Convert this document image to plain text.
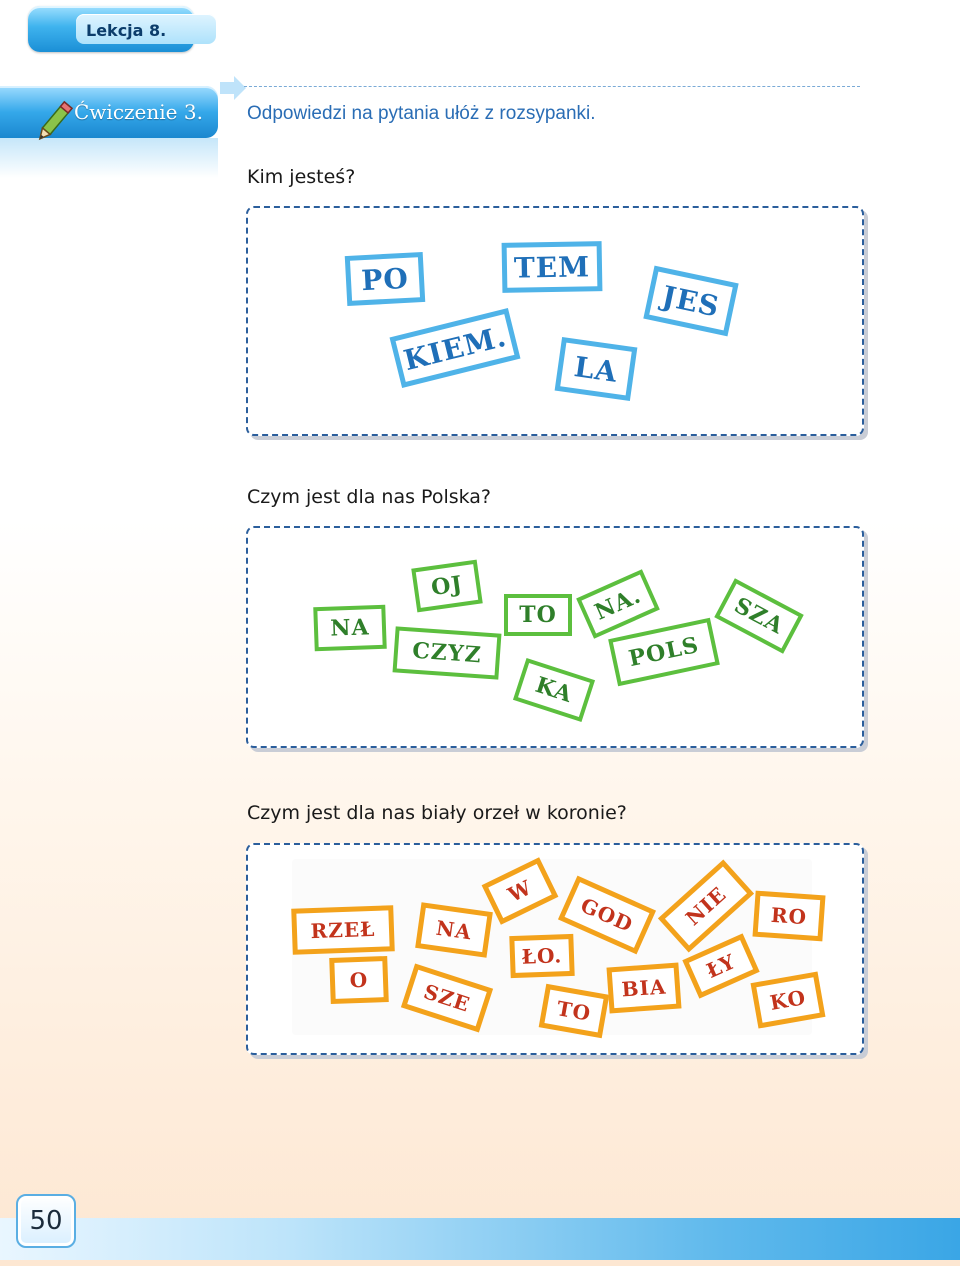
Lekcja 8.
Ćwiczenie 3. Odpowiedzi na pytania ułóż z rozsypanki.
Kim jesteś?
PO	TEM
JES
KIEM.	LA
Czym jest dla nas Polska?
NA
OJ
TO	NA.	SZA
CZYZ	POLS
KA
Czym jest dla nas biały orzeł w koronie?
RZEŁ	NA
W
GOD	NIE	RO
ŁO.	ŁY
O	SZE	TO
BIA	KO
50
